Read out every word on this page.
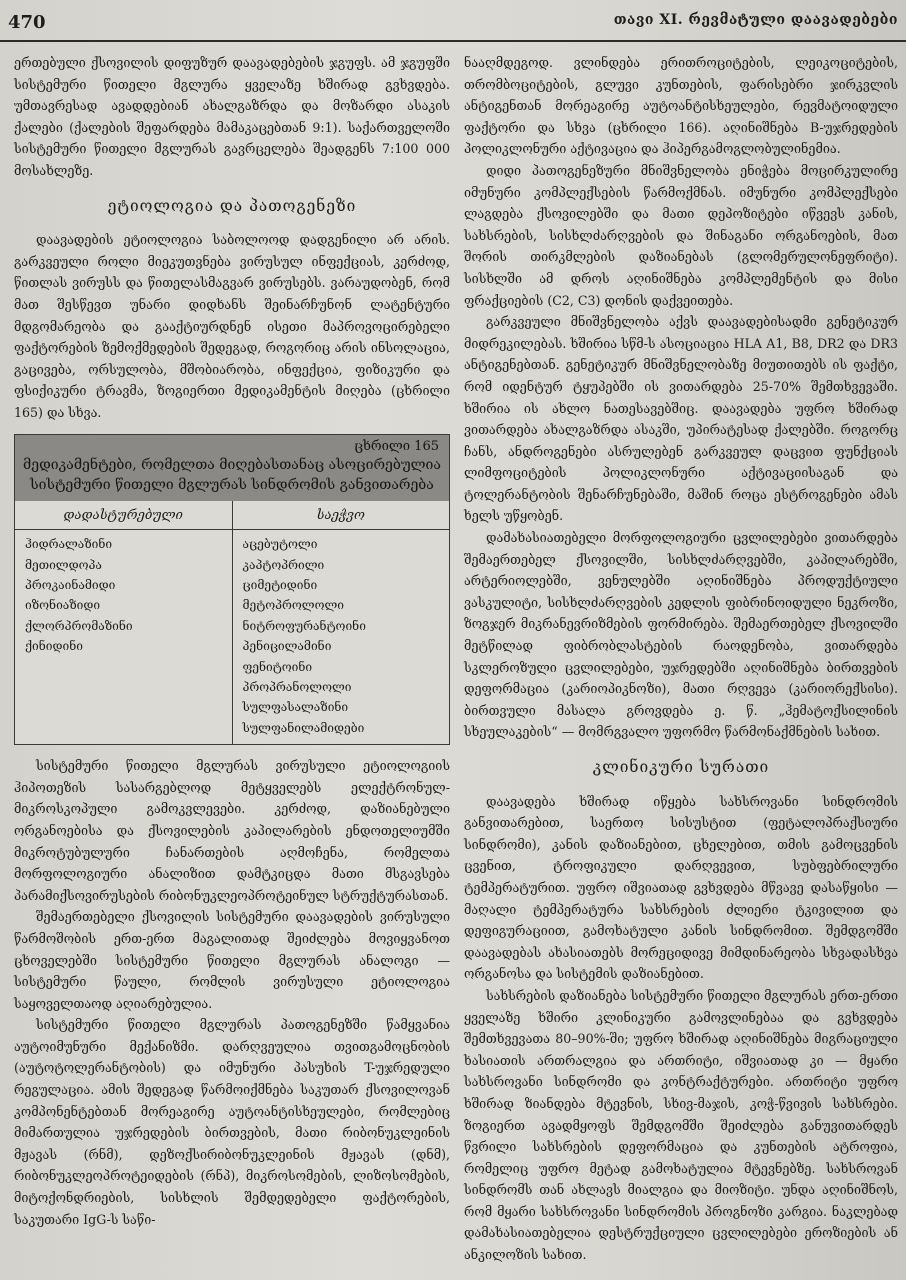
470	თავი XI. რევმატული დაავადებები

ერთებული ქსოვილის დიფუზურ დაავადებების ჯგუფს. ამ ჯგუფში სისტემური წითელი მგლურა ყველაზე ხშირად გვხვდება. უმთავრესად ავადდებიან ახალგაზრდა და მოზარდი ასაკის ქალები (ქალების შეფარდება მამაკაცებთან 9:1). საქართველოში სისტემური წითელი მგლურას გავრცელება შეადგენს 7:100 000 მოსახლეზე.

ეტიოლოგია და პათოგენეზი

დაავადების ეტიოლოგია საბოლოოდ დადგენილი არ არის. გარკვეული როლი მიეკუთვნება ვირუსულ ინფექციას, კერძოდ, წითლას ვირუსს და წითელასმაგვარ ვირუსებს. ვარაუდობენ, რომ მათ შესწევთ უნარი დიდხანს შეინარჩუნონ ლატენტური მდგომარეობა და გააქტიურდნენ ისეთი მაპროვოცირებელი ფაქტორების ზემოქმედების შედეგად, როგორიც არის ინსოლაცია, გაცივება, ორსულობა, მშობიარობა, ინფექცია, ფიზიკური და ფსიქიკური ტრავმა, ზოგიერთი მედიკამენტის მიღება (ცხრილი 165) და სხვა.

ცხრილი 165
მედიკამენტები, რომელთა მიღებასთანაც ასოცირებულია სისტემური წითელი მგლურას სინდრომის განვითარება
დადასტურებული
ჰიდრალაზინი
მეთილდოპა
პროკაინამიდი
იზონიაზიდი
ქლორპრომაზინი
ქინიდინი
საეჭვო
აცებუტოლი
კაპტოპრილი
ციმეტიდინი
მეტოპროლოლი
ნიტროფურანტოინი
პენიცილამინი
ფენიტოინი
პროპრანოლოლი
სულფასალაზინი
სულფანილამიდები

სისტემური წითელი მგლურას ვირუსული ეტიოლოგიის ჰიპოთეზის სასარგებლოდ მეტყველებს ელექტრონულ-მიკროსკოპული გამოკვლევები. კერძოდ, დაზიანებული ორგანოებისა და ქსოვილების კაპილარების ენდოთელიუმში მიკროტუბულური ჩანართების აღმოჩენა, რომელთა მორფოლოგიური ანალიზით დამტკიცდა მათი მსგავსება პარამიქსოვირუსების რიბონუკლეოპროტეინულ სტრუქტურასთან.

შემაერთებელი ქსოვილის სისტემური დაავადების ვირუსული წარმოშობის ერთ-ერთ მაგალითად შეიძლება მოვიყვანოთ ცხოველებში სისტემური წითელი მგლურას ანალოგი — სისტემური წაული, რომლის ვირუსული ეტიოლოგია საყოველთაოდ აღიარებულია.

სისტემური წითელი მგლურას პათოგენეზში წამყვანია აუტოიმუნური მექანიზმი. დარღვეულია თვითგამოცნობის (აუტოტოლერანტობის) და იმუნური პასუხის T-უჯრედული რეგულაცია. ამის შედეგად წარმოიქმნება საკუთარ ქსოვილოვან კომპონენტებთან მორეაგირე აუტოანტისხეულები, რომლებიც მიმართულია უჯრედების ბირთვების, მათი რიბონუკლეინის მჟავას (რნმ), დეზოქსირიბონუკლეინის მჟავას (დნმ), რიბონუკლეოპროტეიდების (რნპ), მიკროსომების, ლიზოსომების, მიტოქონდრიების, სისხლის შემდედებელი ფაქტორების, საკუთარი IgG-ს საწი-

ნააღმდეგოდ. ვლინდება ერითროციტების, ლეიკოციტების, თრომბოციტების, გლუვი კუნთების, ფარისებრი ჯირკვლის ანტიგენთან მორეაგირე აუტოანტისხეულები, რევმატოიდული ფაქტორი და სხვა (ცხრილი 166). აღინიშნება B-უჯრედების პოლიკლონური აქტივაცია და ჰიპერგამოგლობულინემია.

დიდი პათოგენეზური მნიშვნელობა ენიჭება მოცირკულირე იმუნური კომპლექსების წარმოქმნას. იმუნური კომპლექსები ლაგდება ქსოვილებში და მათი დეპოზიტები იწვევს კანის, სახსრების, სისხლძარღვების და შინაგანი ორგანოების, მათ შორის თირკმლების დაზიანებას (გლომერულონეფრიტი). სისხლში ამ დროს აღინიშნება კომპლემენტის და მისი ფრაქციების (C2, C3) დონის დაქვეითება.

გარკვეული მნიშვნელობა აქვს დაავადებისადმი გენეტიკურ მიდრეკილებას. ხშირია სწმ-ს ასოციაცია HLA A1, B8, DR2 და DR3 ანტიგენებთან. გენეტიკურ მნიშვნელობაზე მიუთითებს ის ფაქტი, რომ იდენტურ ტყუპებში ის ვითარდება 25-70% შემთხვევაში. ხშირია ის ახლო ნათესავებშიც. დაავადება უფრო ხშირად ვითარდება ახალგაზრდა ასაკში, უპირატესად ქალებში. როგორც ჩანს, ანდროგენები ასრულებენ გარკვეულ დაცვით ფუნქციას ლიმფოციტების პოლიკლონური აქტივაციისაგან და ტოლერანტობის შენარჩუნებაში, მაშინ როცა ესტროგენები ამას ხელს უწყობენ.

დამახასიათებელი მორფოლოგიური ცვლილებები ვითარდება შემაერთებელ ქსოვილში, სისხლძარღვებში, კაპილარებში, არტერიოლებში, ვენულებში აღინიშნება პროდუქტიული ვასკულიტი, სისხლძარღვების კედლის ფიბრინოიდული ნეკროზი, ზოგჯერ მიკრანევრიზმების ფორმირება. შემაერთებელ ქსოვილში მეტწილად ფიბრობლასტების რაოდენობა, ვითარდება სკლეროზული ცვლილებები, უჯრედებში აღინიშნება ბირთვების დეფორმაცია (კარიოპიკნოზი), მათი რღვევა (კარიორექსისი). ბირთვული მასალა გროვდება ე. წ. „ჰემატოქსილინის სხეულაკების“ — მომრგვალო უფორმო წარმონაქმნების სახით.

კლინიკური სურათი

დაავადება ხშირად იწყება სახსროვანი სინდრომის განვითარებით, საერთო სისუსტით (ფეტალოპრაქსიური სინდრომი), კანის დაზიანებით, ცხელებით, თმის გამოცვენის ცვენით, ტროფიკული დარღვევით, სუბფებრილური ტემპერატურით. უფრო იშვიათად გვხვდება მწვავე დასაწყისი — მაღალი ტემპერატურა სახსრების ძლიერი ტკივილით და დეფიგურაციით, გამოხატული კანის სინდრომით. შემდგომში დაავადებას ახასიათებს მორეციდივე მიმდინარეობა სხვადასხვა ორგანოსა და სისტემის დაზიანებით.

სახსრების დაზიანება სისტემური წითელი მგლურას ერთ-ერთი ყველაზე ხშირი კლინიკური გამოვლინებაა და გვხვდება შემთხვევათა 80–90%-ში; უფრო ხშირად აღინიშნება მიგრაციული ხასიათის ართრალგია და ართრიტი, იშვიათად კი — მყარი სახსროვანი სინდრომი და კონტრაქტურები. ართრიტი უფრო ხშირად ზიანდება მტევნის, სხივ-მაჯის, კოჭ-წვივის სახსრები. ზოგიერთ ავადმყოფს შემდგომში შეიძლება განუვითარდეს წვრილი სახსრების დეფორმაცია და კუნთების ატროფია, რომელიც უფრო მეტად გამოხატულია მტევნებზე. სახსროვან სინდრომს თან ახლავს მიალგია და მიოზიტი. უნდა აღინიშნოს, რომ მყარი სახსროვანი სინდრომის პროგნოზი კარგია. ნაკლებად დამახასიათებელია დესტრუქციული ცვლილებები ეროზიების ან ანკილოზის სახით.
